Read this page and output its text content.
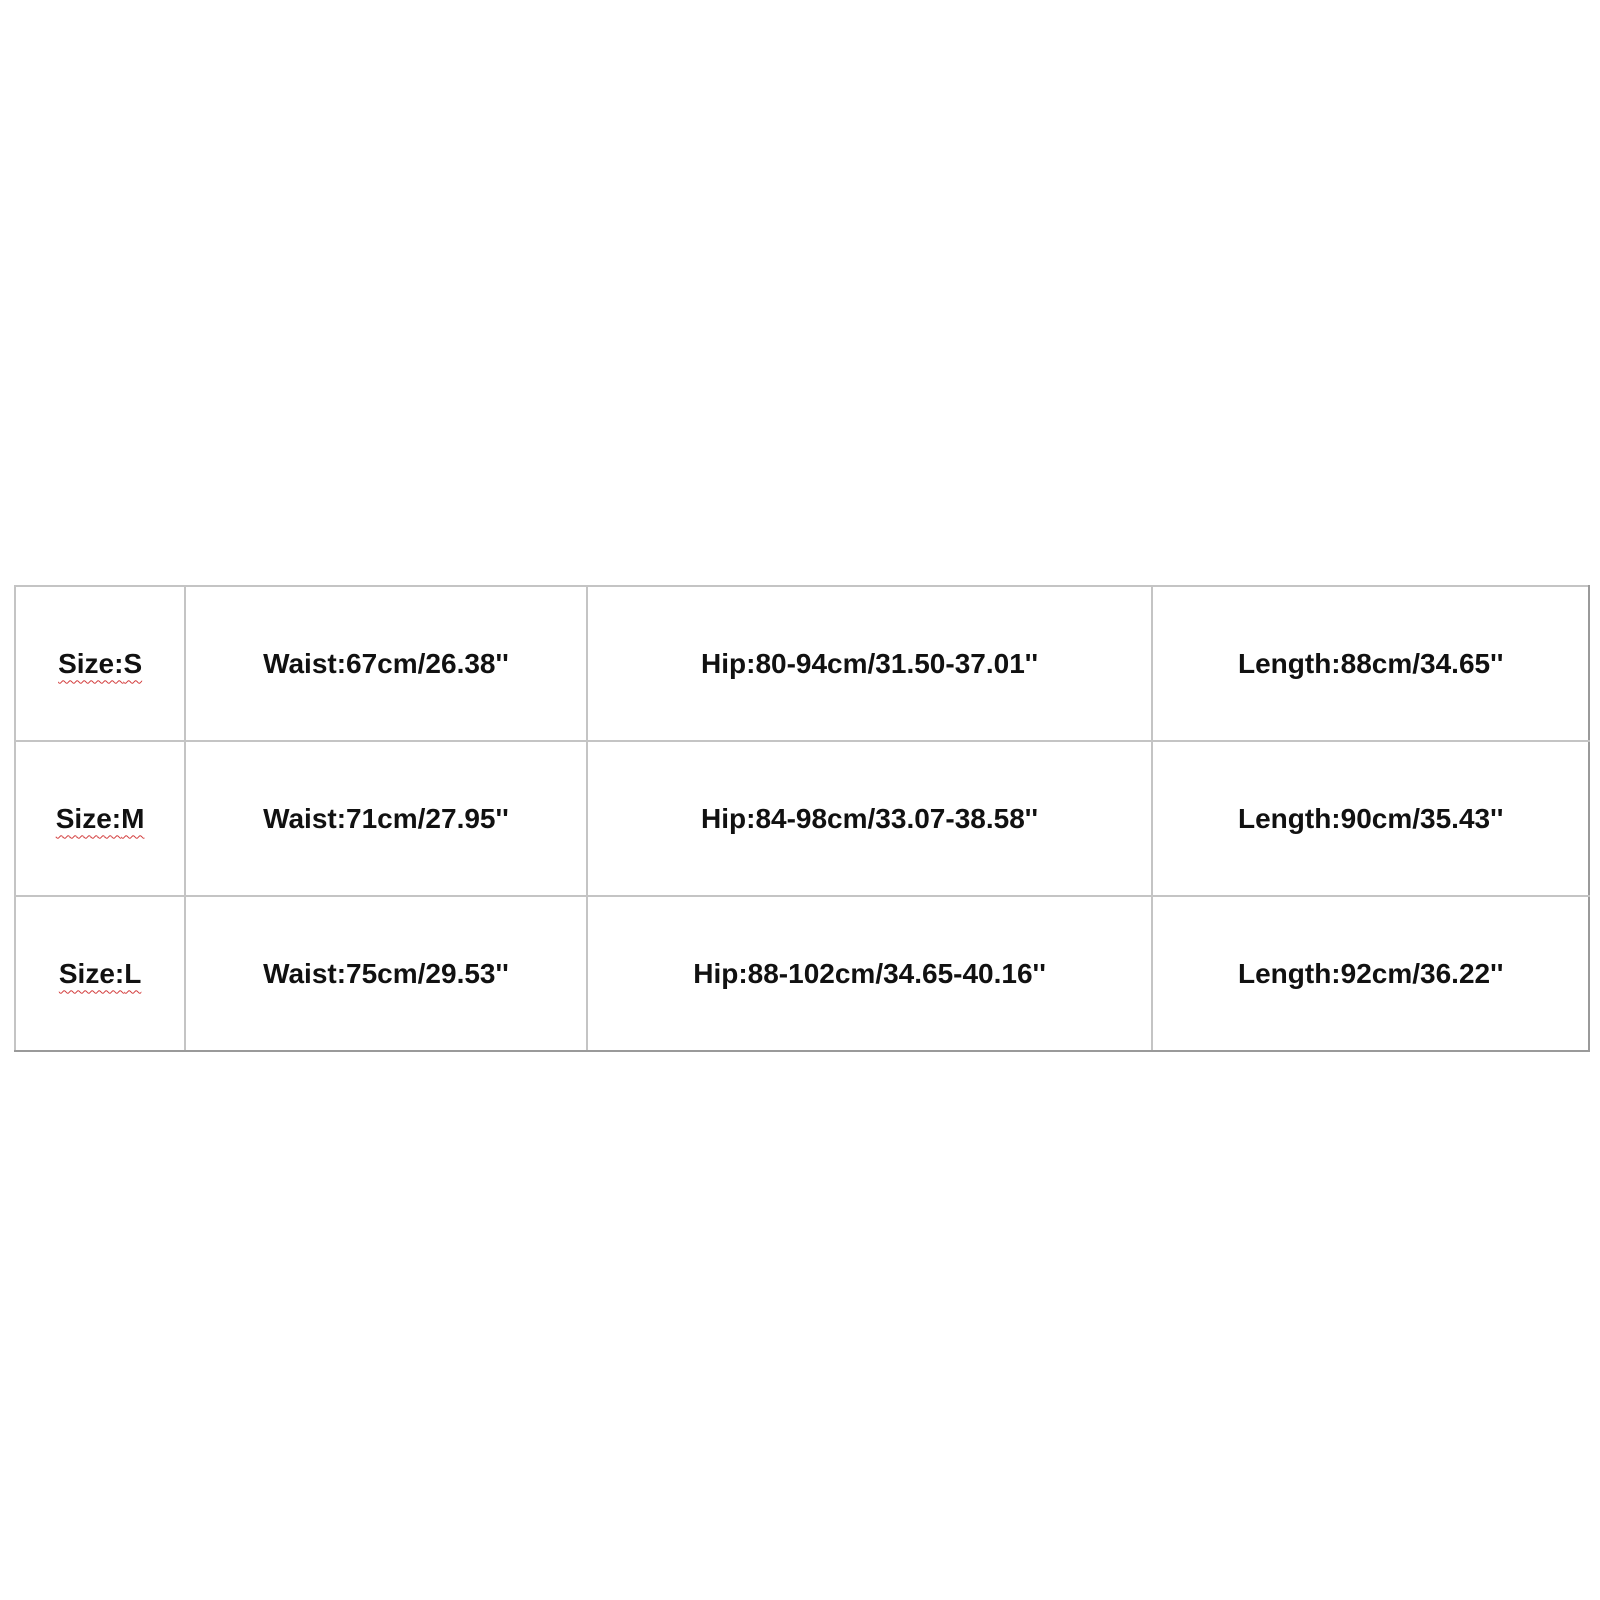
Size:S	Waist:67cm/26.38''	Hip:80-94cm/31.50-37.01''	Length:88cm/34.65''
Size:M	Waist:71cm/27.95''	Hip:84-98cm/33.07-38.58''	Length:90cm/35.43''
Size:L	Waist:75cm/29.53''	Hip:88-102cm/34.65-40.16''	Length:92cm/36.22''
